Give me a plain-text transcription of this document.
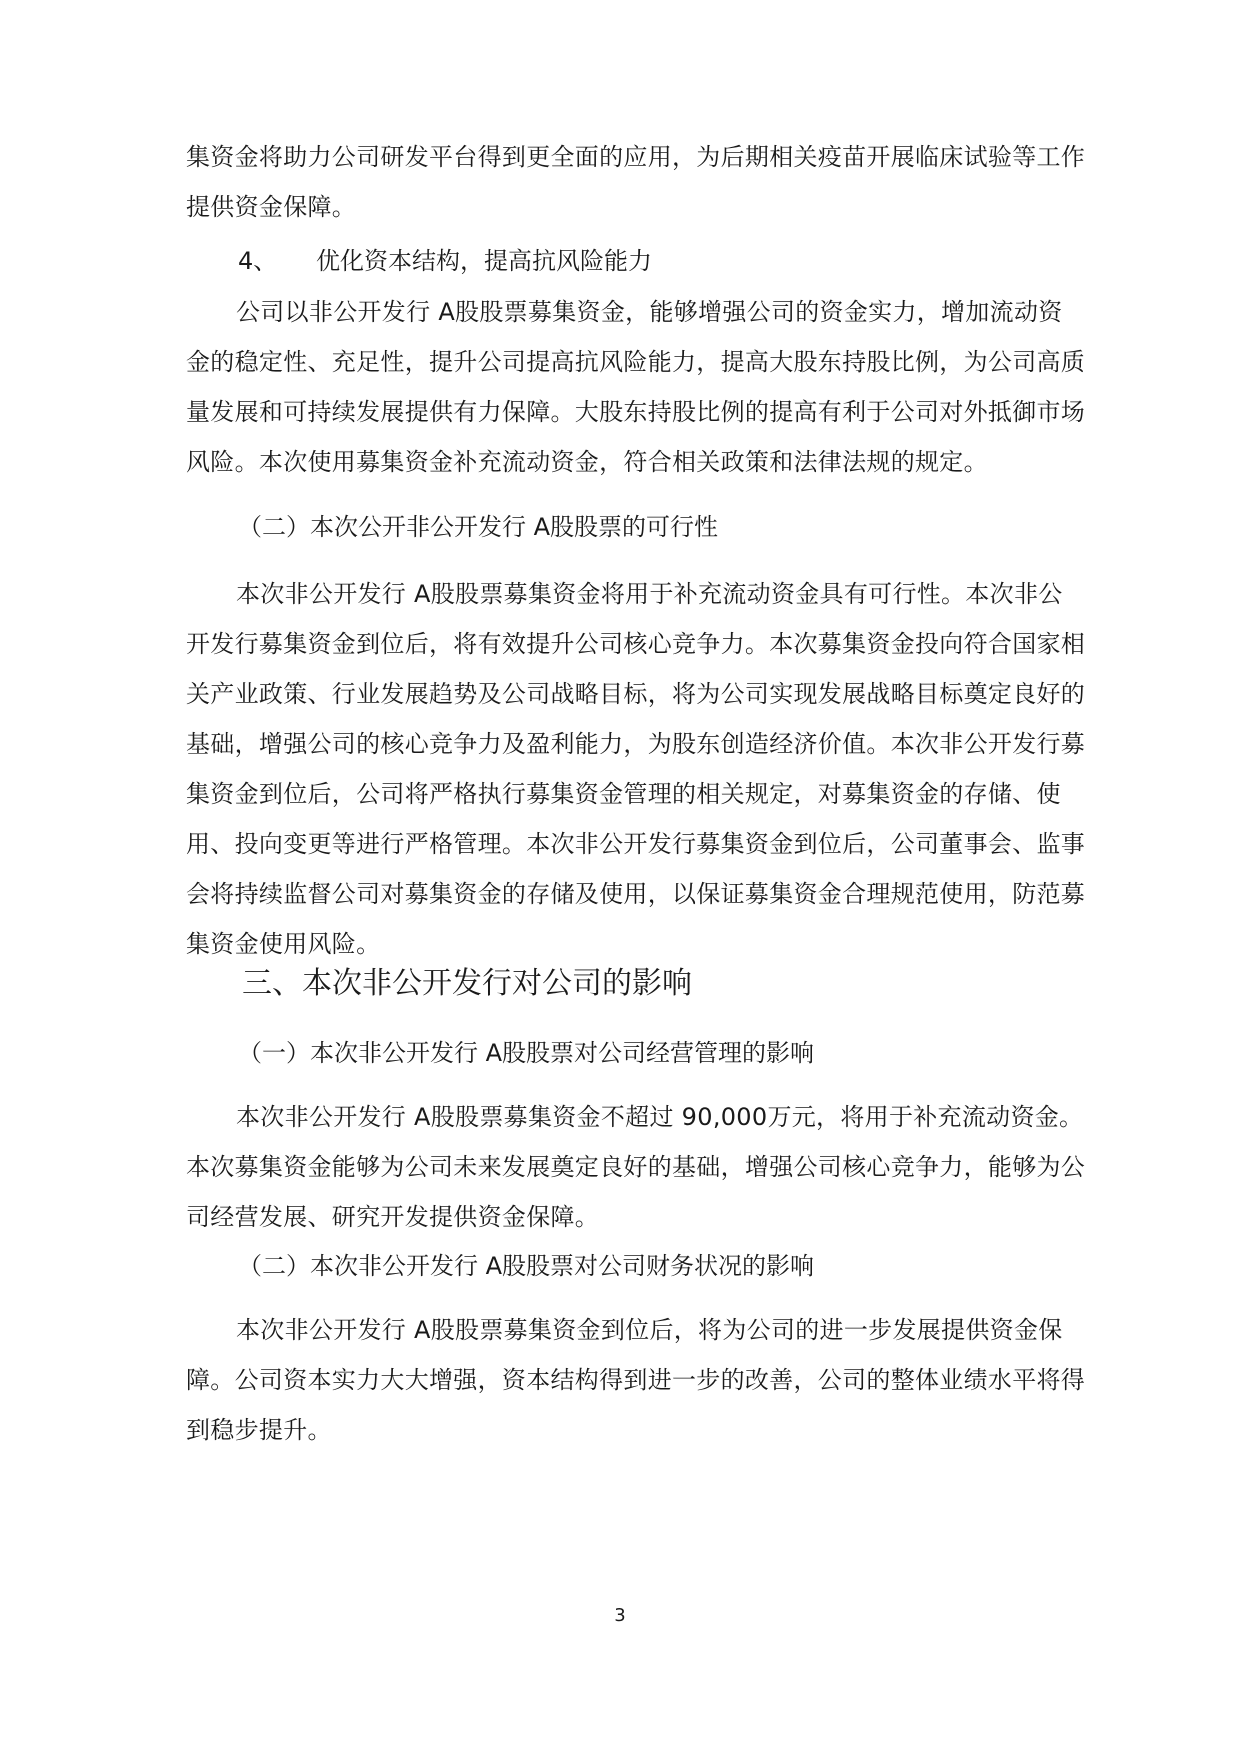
集资金将助力公司研发平台得到更全面的应用，为后期相关疫苗开展临床试验等工作提供资金保障。

4、 优化资本结构，提高抗风险能力

公司以非公开发行 A股股票募集资金，能够增强公司的资金实力，增加流动资金的稳定性、充足性，提升公司提高抗风险能力，提高大股东持股比例，为公司高质量发展和可持续发展提供有力保障。大股东持股比例的提高有利于公司对外抵御市场风险。本次使用募集资金补充流动资金，符合相关政策和法律法规的规定。

（二）本次公开非公开发行 A股股票的可行性

本次非公开发行 A股股票募集资金将用于补充流动资金具有可行性。本次非公开发行募集资金到位后，将有效提升公司核心竞争力。本次募集资金投向符合国家相关产业政策、行业发展趋势及公司战略目标，将为公司实现发展战略目标奠定良好的基础，增强公司的核心竞争力及盈利能力，为股东创造经济价值。本次非公开发行募集资金到位后，公司将严格执行募集资金管理的相关规定，对募集资金的存储、使用、投向变更等进行严格管理。本次非公开发行募集资金到位后，公司董事会、监事会将持续监督公司对募集资金的存储及使用，以保证募集资金合理规范使用，防范募集资金使用风险。

三、本次非公开发行对公司的影响

（一）本次非公开发行 A股股票对公司经营管理的影响

本次非公开发行 A股股票募集资金不超过 90,000万元，将用于补充流动资金。本次募集资金能够为公司未来发展奠定良好的基础，增强公司核心竞争力，能够为公司经营发展、研究开发提供资金保障。

（二）本次非公开发行 A股股票对公司财务状况的影响

本次非公开发行 A股股票募集资金到位后，将为公司的进一步发展提供资金保障。公司资本实力大大增强，资本结构得到进一步的改善，公司的整体业绩水平将得到稳步提升。

3
